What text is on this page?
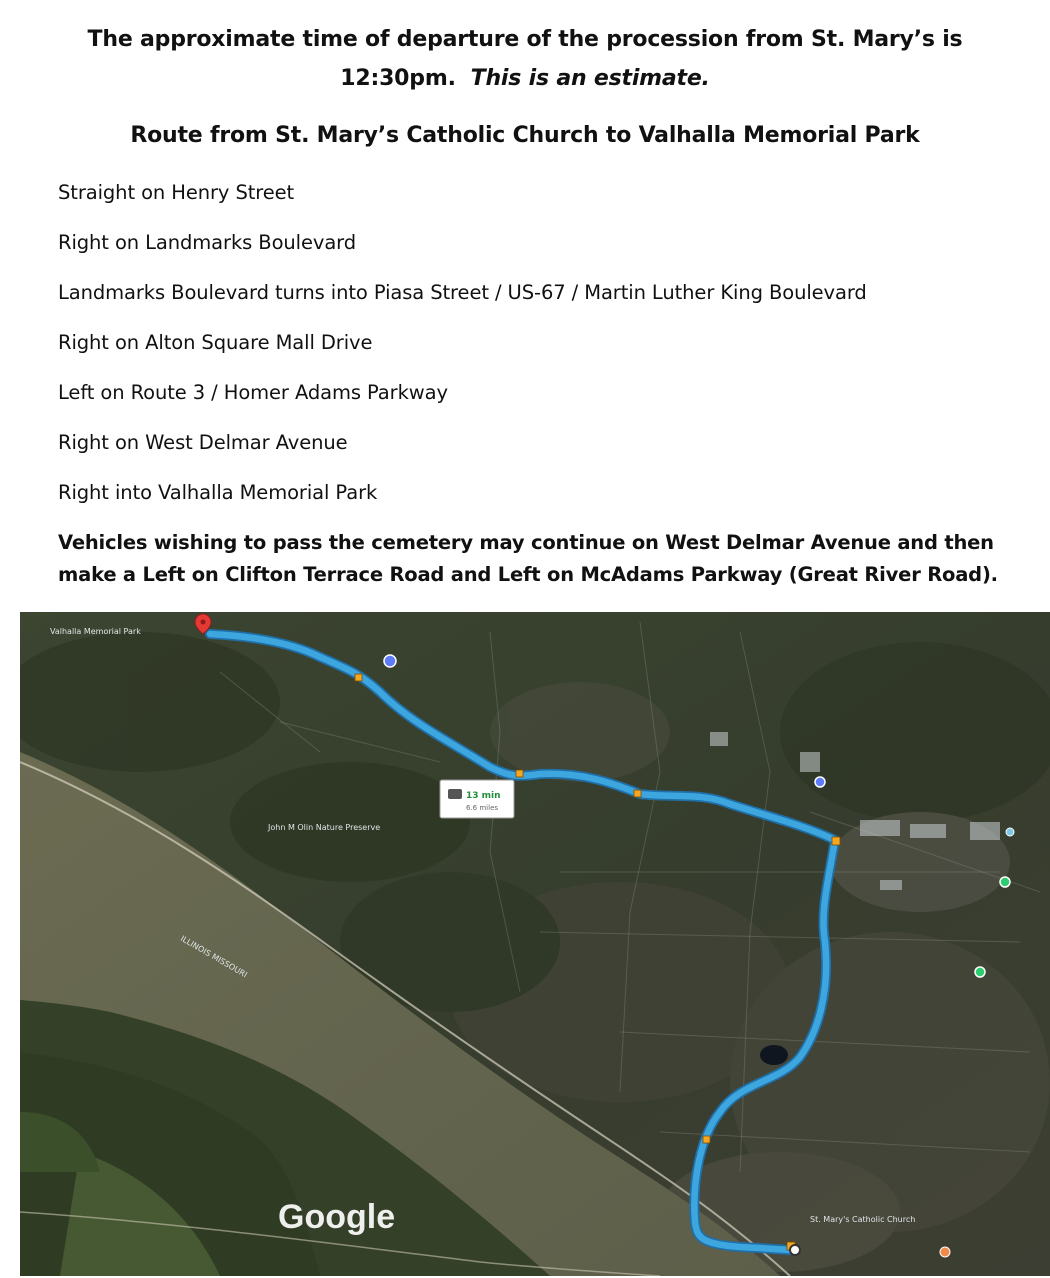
The approximate time of departure of the procession from St. Mary’s is
12:30pm. This is an estimate.
Route from St. Mary’s Catholic Church to Valhalla Memorial Park
Straight on Henry Street
Right on Landmarks Boulevard
Landmarks Boulevard turns into Piasa Street / US-67 / Martin Luther King Boulevard
Right on Alton Square Mall Drive
Left on Route 3 / Homer Adams Parkway
Right on West Delmar Avenue
Right into Valhalla Memorial Park
Vehicles wishing to pass the cemetery may continue on West Delmar Avenue and then
make a Left on Clifton Terrace Road and Left on McAdams Parkway (Great River Road).
Valhalla Memorial Park
St. Mary's Catholic Church
13 min
6.6 miles
John M Olin Nature Preserve
ILLINOIS MISSOURI
Google
